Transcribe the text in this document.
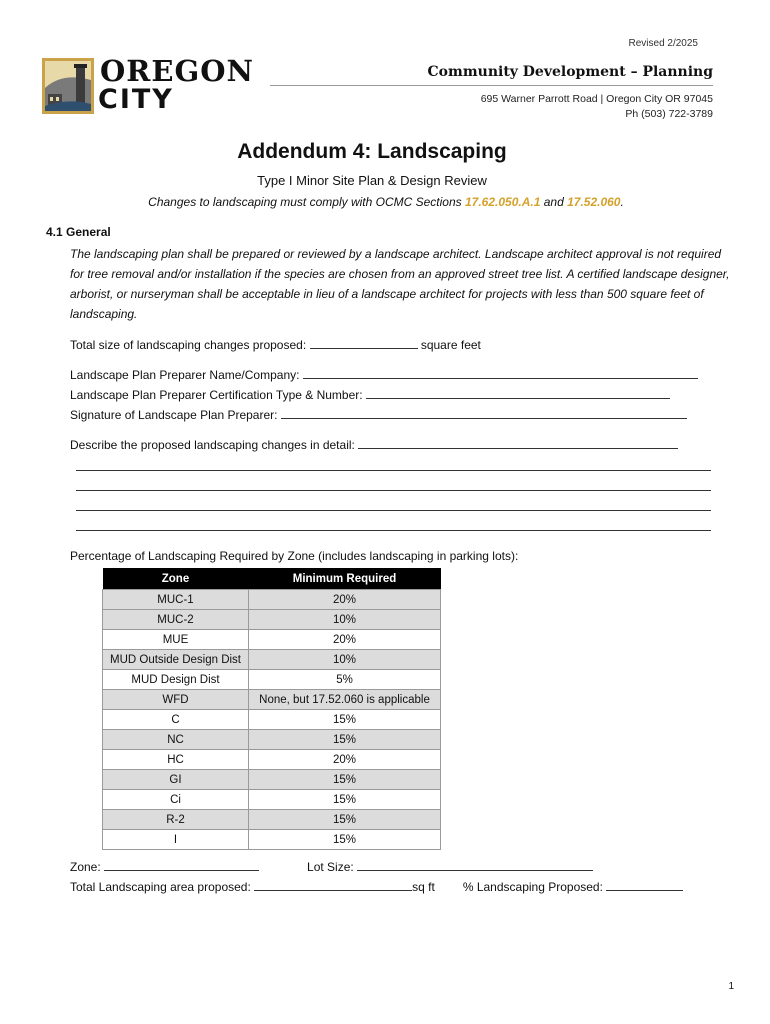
Revised 2/2025
OREGON
CITY
Community Development – Planning
695 Warner Parrott Road | Oregon City OR 97045
Ph (503) 722-3789
Addendum 4: Landscaping
Type I Minor Site Plan & Design Review
Changes to landscaping must comply with OCMC Sections 17.62.050.A.1 and 17.52.060.
4.1 General
The landscaping plan shall be prepared or reviewed by a landscape architect. Landscape architect approval is not required for tree removal and/or installation if the species are chosen from an approved street tree list. A certified landscape designer, arborist, or nurseryman shall be acceptable in lieu of a landscape architect for projects with less than 500 square feet of landscaping.
Total size of landscaping changes proposed:	square feet
Landscape Plan Preparer Name/Company:
Landscape Plan Preparer Certification Type & Number:
Signature of Landscape Plan Preparer:
Describe the proposed landscaping changes in detail:
Percentage of Landscaping Required by Zone (includes landscaping in parking lots):
Zone	Minimum Required
MUC-1	20%
MUC-2	10%
MUE	20%
MUD Outside Design Dist	10%
MUD Design Dist	5%
WFD	None, but 17.52.060 is applicable
C	15%
NC	15%
HC	20%
GI	15%
Ci	15%
R-2	15%
I	15%
Zone:	Lot Size:
Total Landscaping area proposed:	sq ft % Landscaping Proposed:
1
